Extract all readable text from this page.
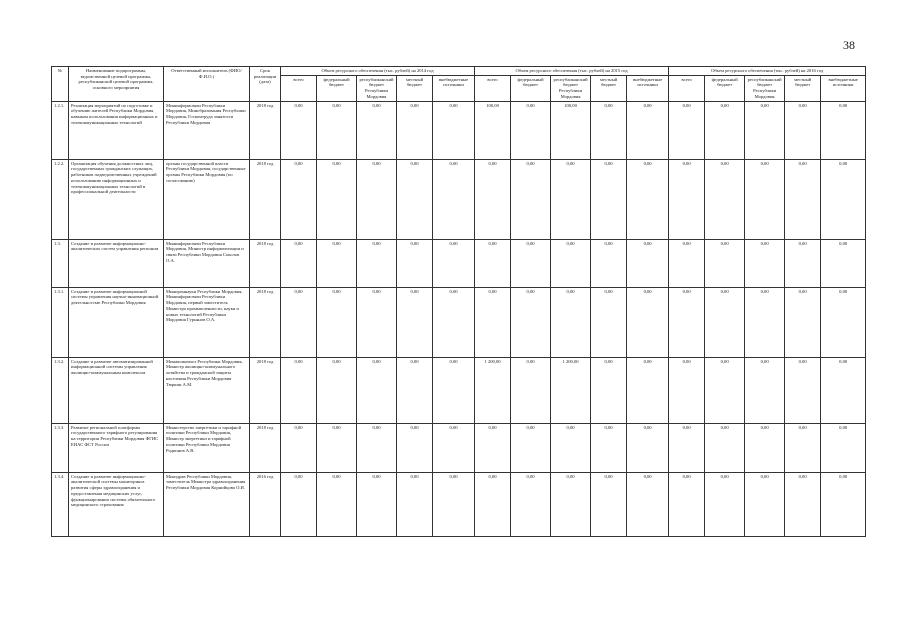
38
№	Наименование подпрограммы, ведомственной целевой программы, республиканской целевой программы, основного мероприятия	Ответственный исполнитель (ФИО/Ф.И.О.)	Срок реализации (дата)	Объем ресурсного обеспечения (тыс. рублей) на 2014 год					Объем ресурсного обеспечения (тыс. рублей) на 2015 год					Объем ресурсного обеспечения (тыс. рублей) на 2016 год				
				всего	федеральный бюджет	республиканский бюджет Республики Мордовия	местный бюджет	внебюджетные источники	всего	федеральный бюджет	республиканский бюджет Республики Мордовия	местный бюджет	внебюджетные источники	всего	федеральный бюджет	республиканский бюджет Республики Мордовия	местный бюджет	внебюджетные источники
1.2.1.	Реализация мероприятий по подготовке и обучению жителей Республики Мордовия навыкам использования информационных и телекоммуникационных технологий	Мининформсвязи Республики Мордовия, Минобразования Республики Мордовия, Госкомтруда занятости Республики Мордовия	2018 год	0,00	0,00	0,00	0,00	0,00	100,00	0,00	100,00	0,00	0,00	0,00	0,00	0,00	0,00	0,00
1.2.2.	Организация обучения должностных лиц, государственных гражданских служащих, работников подведомственных учреждений использованию информационных и телекоммуникационных технологий в профессиональной деятельности	органы государственной власти Республики Мордовия, государственные органы Республики Мордовия (по согласованию)	2018 год	0,00	0,00	0,00	0,00	0,00	0,00	0,00	0,00	0,00	0,00	0,00	0,00	0,00	0,00	0,00
1.3.	Создание и развитие информационно-аналитических систем управления регионом	Мининформсвязи Республики Мордовия, Министр информатизации и связи Республики Мордовия Соколов О.А.	2018 год	0,00	0,00	0,00	0,00	0,00	0,00	0,00	0,00	0,00	0,00	0,00	0,00	0,00	0,00	0,00
1.3.1.	Создание и развитие информационной системы управления научно-инновационной деятельностью Республики Мордовия	Минпромнауки Республики Мордовия, Мининформсвязи Республики Мордовия, первый заместитель Министра промышленности, науки и новых технологий Республики Мордовия Гурьянов О.А.	2018 год	0,00	0,00	0,00	0,00	0,00	0,00	0,00	0,00	0,00	0,00	0,00	0,00	0,00	0,00	0,00
1.3.2.	Создание и развитие автоматизированной информационной системы управления жилищно-коммунальным комплексом	Минжилкомхоз Республики Мордовия, Министр жилищно-коммунального хозяйства и гражданской защиты населения Республики Мордовия Тюркин А.М.	2018 год	0,00	0,00	0,00	0,00	0,00	1 200,00	0,00	1 200,00	0,00	0,00	0,00	0,00	0,00	0,00	0,00
1.3.3.	Развитие региональной платформы государственного тарифного регулирования на территории Республики Мордовия ФГИС ЕИАС ФСТ России	Министерство энергетики и тарифной политики Республики Мордовия, Министр энергетики и тарифной политики Республики Мордовия Родионов А.В.	2018 год	0,00	0,00	0,00	0,00	0,00	0,00	0,00	0,00	0,00	0,00	0,00	0,00	0,00	0,00	0,00
1.3.4.	Создание и развитие информационно-аналитической системы мониторинга развития сферы здравоохранения и предоставления медицинских услуг, функционирования системы обязательного медицинского страхования	Минздрав Республики Мордовия, заместитель Министра здравоохранения Республики Мордовия Корнийцова О.И.	2016 год	0,00	0,00	0,00	0,00	0,00	0,00	0,00	0,00	0,00	0,00	0,00	0,00	0,00	0,00	0,00
